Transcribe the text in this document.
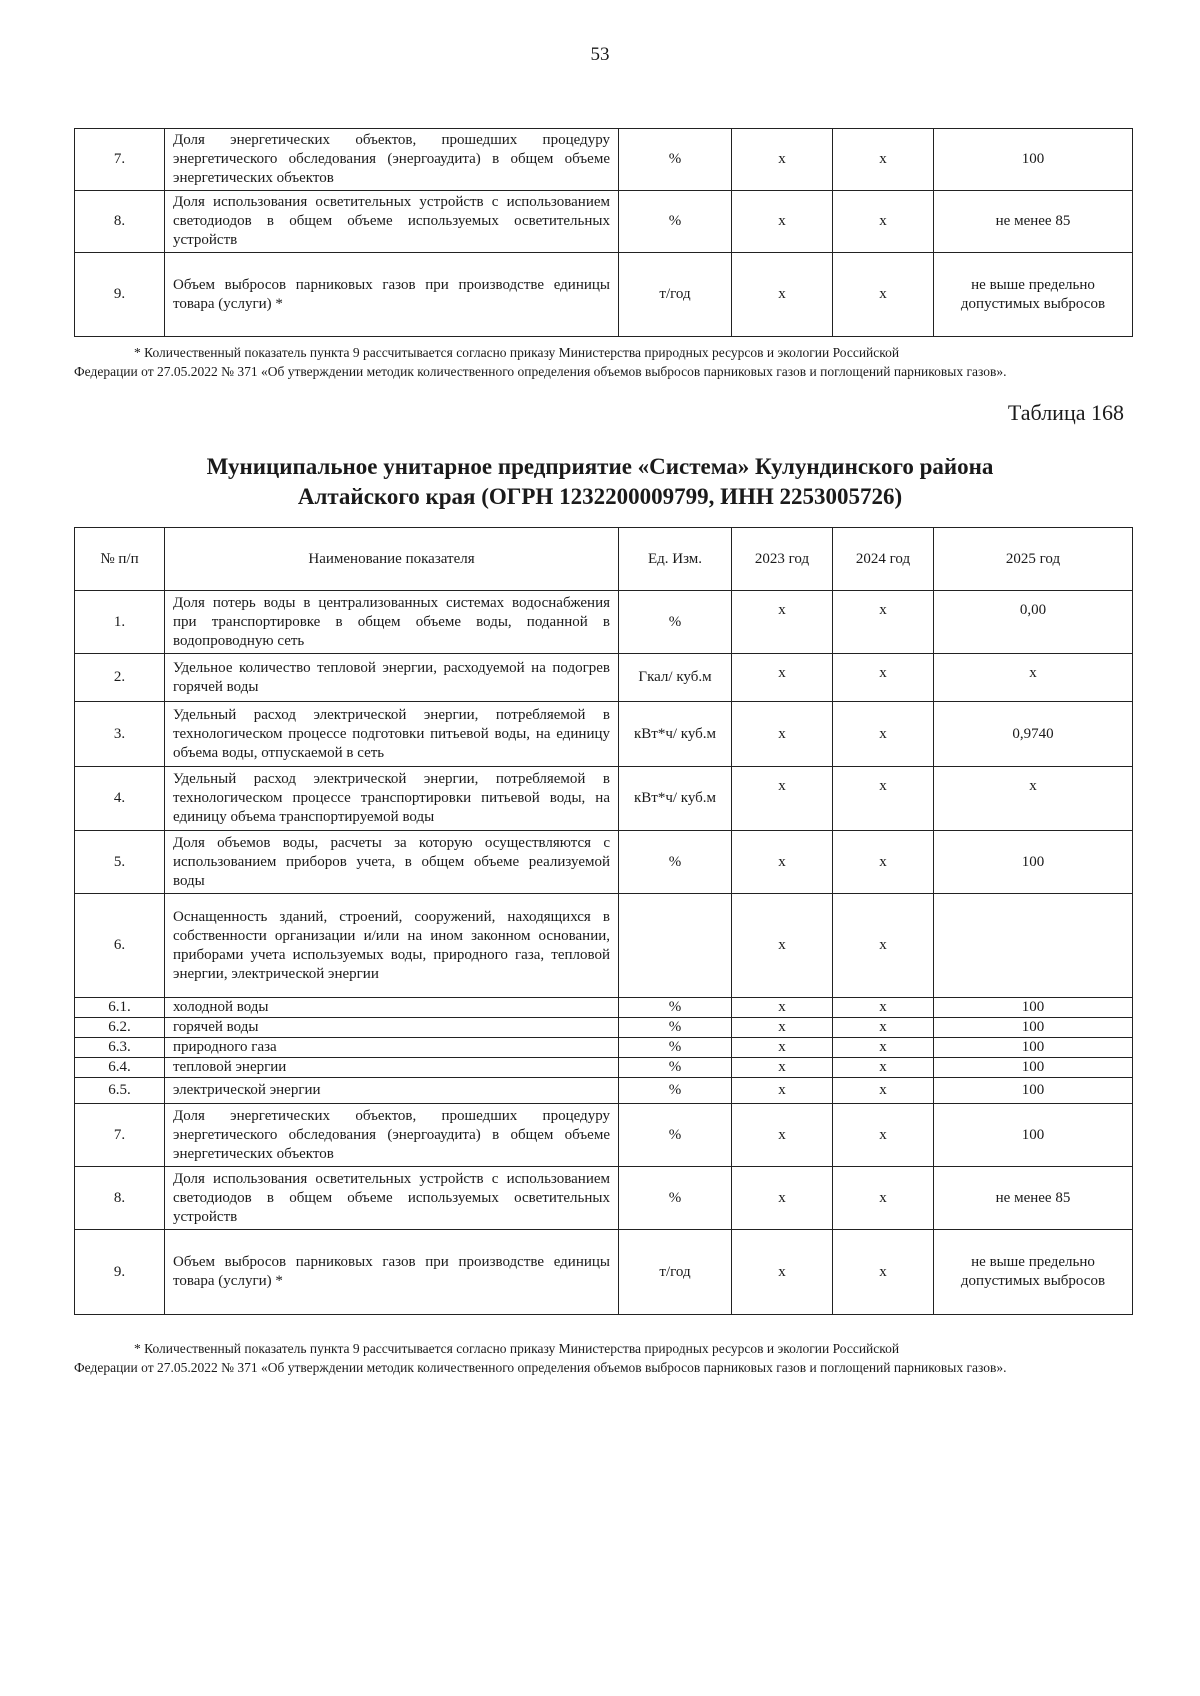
53
7.	Доля энергетических объектов, прошедших процедуру энергетического обследования (энергоаудита) в общем объеме энергетических объектов	%	х	х	100
8.	Доля использования осветительных устройств с использованием светодиодов в общем объеме используемых осветительных устройств	%	х	х	не менее 85
9.	Объем выбросов парниковых газов при производстве единицы товара (услуги) *	т/год	х	х	не выше предельно допустимых выбросов
* Количественный показатель пункта 9 рассчитывается согласно приказу Министерства природных ресурсов и экологии Российской
Федерации от 27.05.2022 № 371 «Об утверждении методик количественного определения объемов выбросов парниковых газов и поглощений парниковых газов».
Таблица 168
Муниципальное унитарное предприятие «Система» Кулундинского района
Алтайского края (ОГРН 1232200009799, ИНН 2253005726)
№ п/п	Наименование показателя	Ед. Изм.	2023 год	2024 год	2025 год
1.	Доля потерь воды в централизованных системах водоснабжения при транспортировке в общем объеме воды, поданной в водопроводную сеть	%	х	х	0,00
2.	Удельное количество тепловой энергии, расходуемой на подогрев горячей воды	Гкал/ куб.м	х	х	х
3.	Удельный расход электрической энергии, потребляемой в технологическом процессе подготовки питьевой воды, на единицу объема воды, отпускаемой в сеть	кВт*ч/ куб.м	х	х	0,9740
4.	Удельный расход электрической энергии, потребляемой в технологическом процессе транспортировки питьевой воды, на единицу объема транспортируемой воды	кВт*ч/ куб.м	х	х	х
5.	Доля объемов воды, расчеты за которую осуществляются с использованием приборов учета, в общем объеме реализуемой воды	%	х	х	100
6.	Оснащенность зданий, строений, сооружений, находящихся в собственности организации и/или на ином законном основании, приборами учета используемых воды, природного газа, тепловой энергии, электрической энергии		х	х	
6.1.	холодной воды	%	х	х	100
6.2.	горячей воды	%	х	х	100
6.3.	природного газа	%	х	х	100
6.4.	тепловой энергии	%	х	х	100
6.5.	электрической энергии	%	х	х	100
7.	Доля энергетических объектов, прошедших процедуру энергетического обследования (энергоаудита) в общем объеме энергетических объектов	%	х	х	100
8.	Доля использования осветительных устройств с использованием светодиодов в общем объеме используемых осветительных устройств	%	х	х	не менее 85
9.	Объем выбросов парниковых газов при производстве единицы товара (услуги) *	т/год	х	х	не выше предельно допустимых выбросов
* Количественный показатель пункта 9 рассчитывается согласно приказу Министерства природных ресурсов и экологии Российской
Федерации от 27.05.2022 № 371 «Об утверждении методик количественного определения объемов выбросов парниковых газов и поглощений парниковых газов».
